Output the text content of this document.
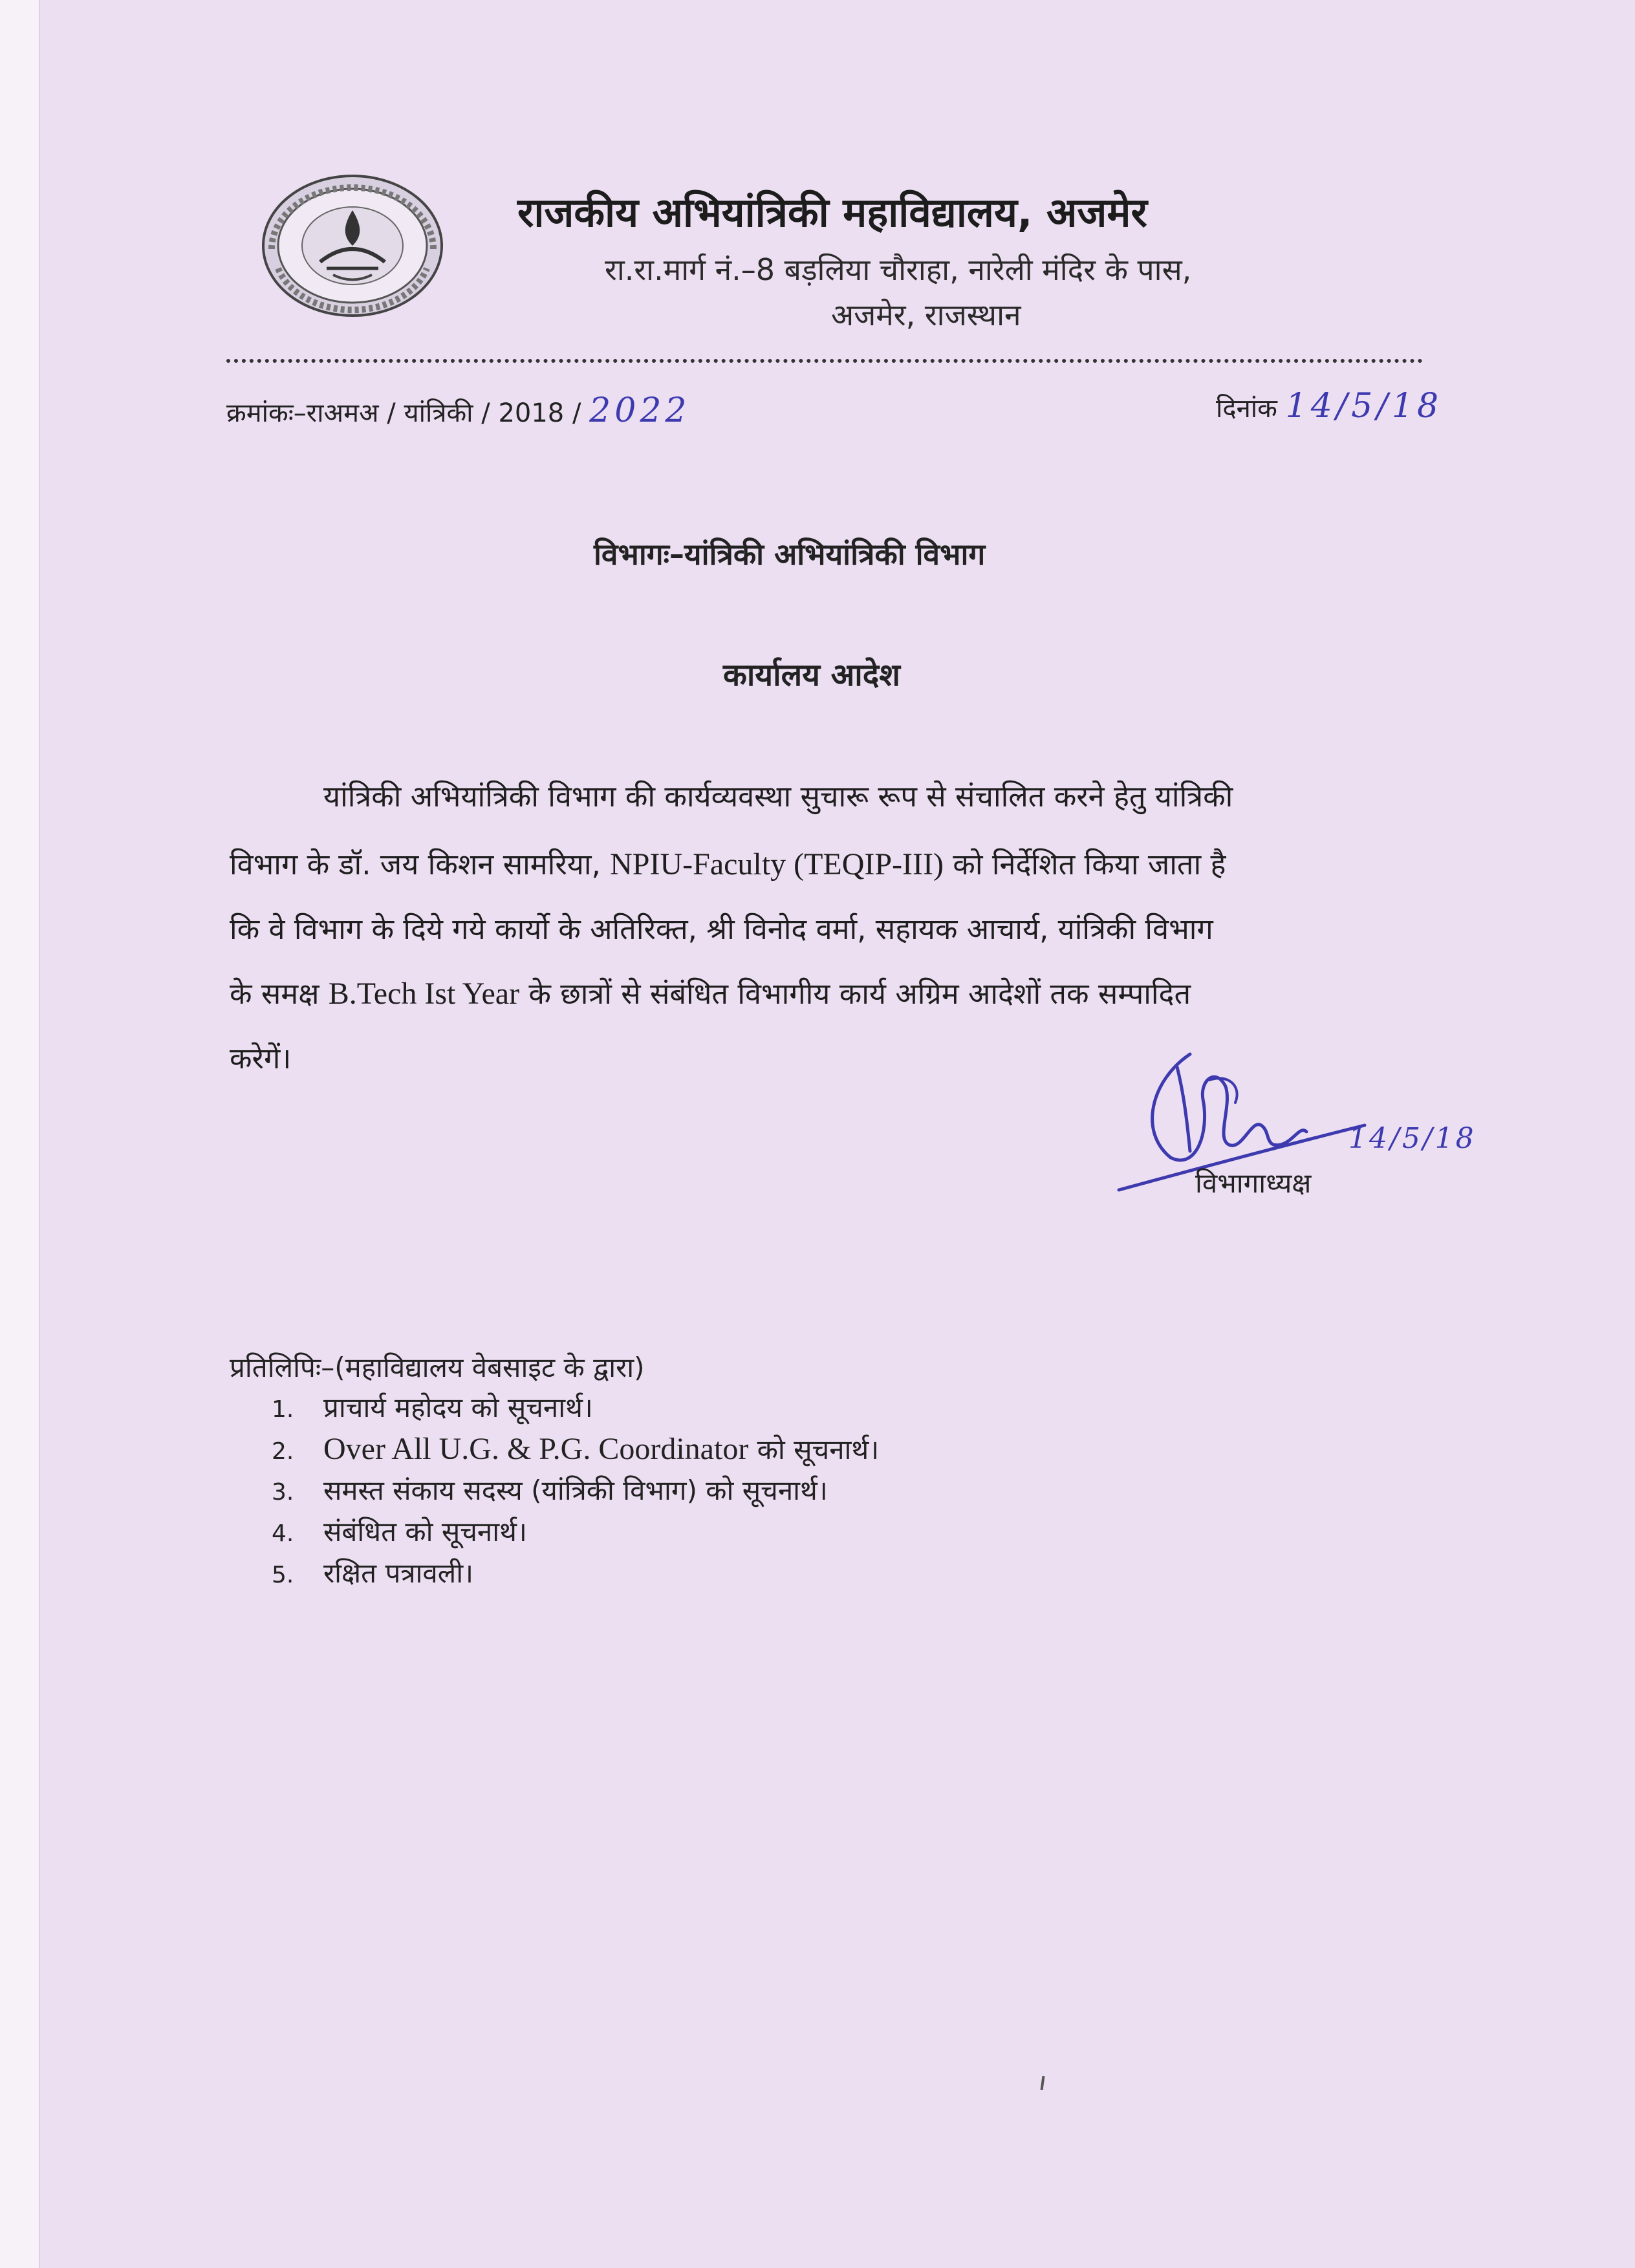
राजकीय अभियांत्रिकी महाविद्यालय, अजमेर
रा.रा.मार्ग नं.–8 बड़लिया चौराहा, नारेली मंदिर के पास,
अजमेर, राजस्थान
क्रमांकः–राअमअ / यांत्रिकी / 2018 / 2022	दिनांक 14/5/18
विभागः–यांत्रिकी अभियांत्रिकी विभाग
कार्यालय आदेश
यांत्रिकी अभियांत्रिकी विभाग की कार्यव्यवस्था सुचारू रूप से संचालित करने हेतु यांत्रिकी
विभाग के डॉ. जय किशन सामरिया, NPIU-Faculty (TEQIP-III) को निर्देशित किया जाता है
कि वे विभाग के दिये गये कार्यो के अतिरिक्त, श्री विनोद वर्मा, सहायक आचार्य, यांत्रिकी विभाग
के समक्ष B.Tech Ist Year के छात्रों से संबंधित विभागीय कार्य अग्रिम आदेशों तक सम्पादित
करेगें।
14/5/18
विभागाध्यक्ष
प्रतिलिपिः–(महाविद्यालय वेबसाइट के द्वारा)
1. प्राचार्य महोदय को सूचनार्थ।
2. Over All U.G. & P.G. Coordinator को सूचनार्थ।
3. समस्त संकाय सदस्य (यांत्रिकी विभाग) को सूचनार्थ।
4. संबंधित को सूचनार्थ।
5. रक्षित पत्रावली।
